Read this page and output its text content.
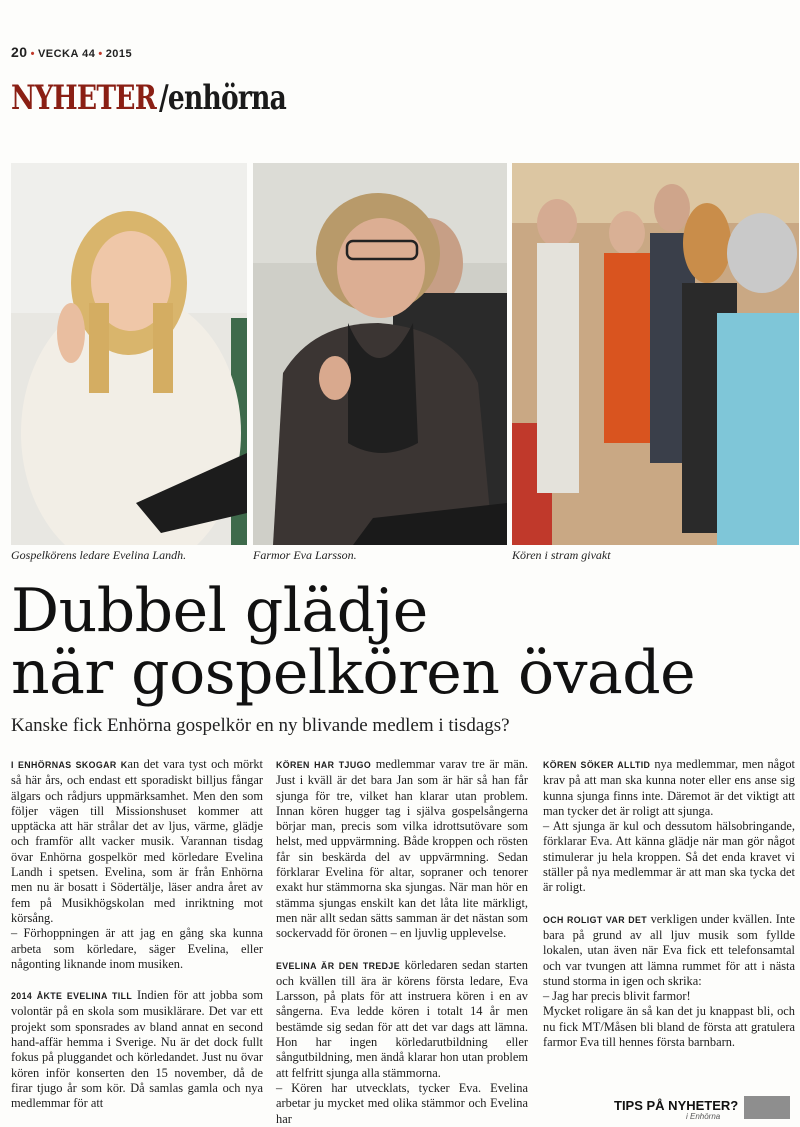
20 • VECKA 44 • 2015
NYHETER/enhörna
Gospelkörens ledare Evelina Landh.	Farmor Eva Larsson.	Kören i stram givakt
Dubbel glädje
när gospelkören övade

Kanske fick Enhörna gospelkör en ny blivande medlem i tisdags?

I ENHÖRNAS SKOGAR Kan det vara tyst och mörkt så här års, och endast ett sporadiskt billjus fångar älgars och rådjurs uppmärksamhet. Men den som följer vägen till Missionshuset kommer att upptäcka att här strålar det av ljus, värme, glädje och framför allt vacker musik. Varannan tisdag övar Enhörna gospelkör med körledare Evelina Landh i spetsen. Evelina, som är från Enhörna men nu är bosatt i Södertälje, läser andra året av fem på Musikhögskolan med inriktning mot körsång.

– Förhoppningen är att jag en gång ska kunna arbeta som körledare, säger Evelina, eller någonting liknande inom musiken.

2014 ÅKTE EVELINA TILL Indien för att jobba som volontär på en skola som musiklärare. Det var ett projekt som sponsrades av bland annat en second hand-affär hemma i Sverige. Nu är det dock fullt fokus på pluggandet och körledandet. Just nu övar kören inför konserten den 15 november, då de firar tjugo år som kör. Då samlas gamla och nya medlemmar för att

KÖREN HAR TJUGO medlemmar varav tre är män. Just i kväll är det bara Jan som är här så han får sjunga för tre, vilket han klarar utan problem. Innan kören hugger tag i själva gospelsångerna börjar man, precis som vilka idrottsutövare som helst, med uppvärmning. Både kroppen och rösten får sin beskärda del av uppvärmning. Sedan förklarar Evelina för altar, sopraner och tenorer exakt hur stämmorna ska sjungas. När man hör en stämma sjungas enskilt kan det låta lite märkligt, men när allt sedan sätts samman är det nästan som sockervadd för öronen – en ljuvlig upplevelse.

EVELINA ÄR DEN TREDJE körledaren sedan starten och kvällen till ära är körens första ledare, Eva Larsson, på plats för att instruera kören i en av sångerna. Eva ledde kören i totalt 14 år men bestämde sig sedan för att det var dags att lämna. Hon har ingen körledarutbildning eller sångutbildning, men ändå klarar hon utan problem att felfritt sjunga alla stämmorna.

– Kören har utvecklats, tycker Eva. Evelina arbetar ju mycket med olika stämmor och Evelina har

KÖREN SÖKER ALLTID nya medlemmar, men något krav på att man ska kunna noter eller ens anse sig kunna sjunga finns inte. Däremot är det viktigt att man tycker det är roligt att sjunga.

– Att sjunga är kul och dessutom hälsobringande, förklarar Eva. Att känna glädje när man gör något stimulerar ju hela kroppen. Så det enda kravet vi ställer på nya medlemmar är att man ska tycka det är roligt.

OCH ROLIGT VAR DET verkligen under kvällen. Inte bara på grund av all ljuv musik som fyllde lokalen, utan även när Eva fick ett telefonsamtal och var tvungen att lämna rummet för att i nästa stund storma in igen och skrika:

– Jag har precis blivit farmor!

Mycket roligare än så kan det ju knappast bli, och nu fick MT/Måsen bli bland de första att gratulera farmor Eva till hennes första barnbarn.

TIPS PÅ NYHETER?
i Enhörna
